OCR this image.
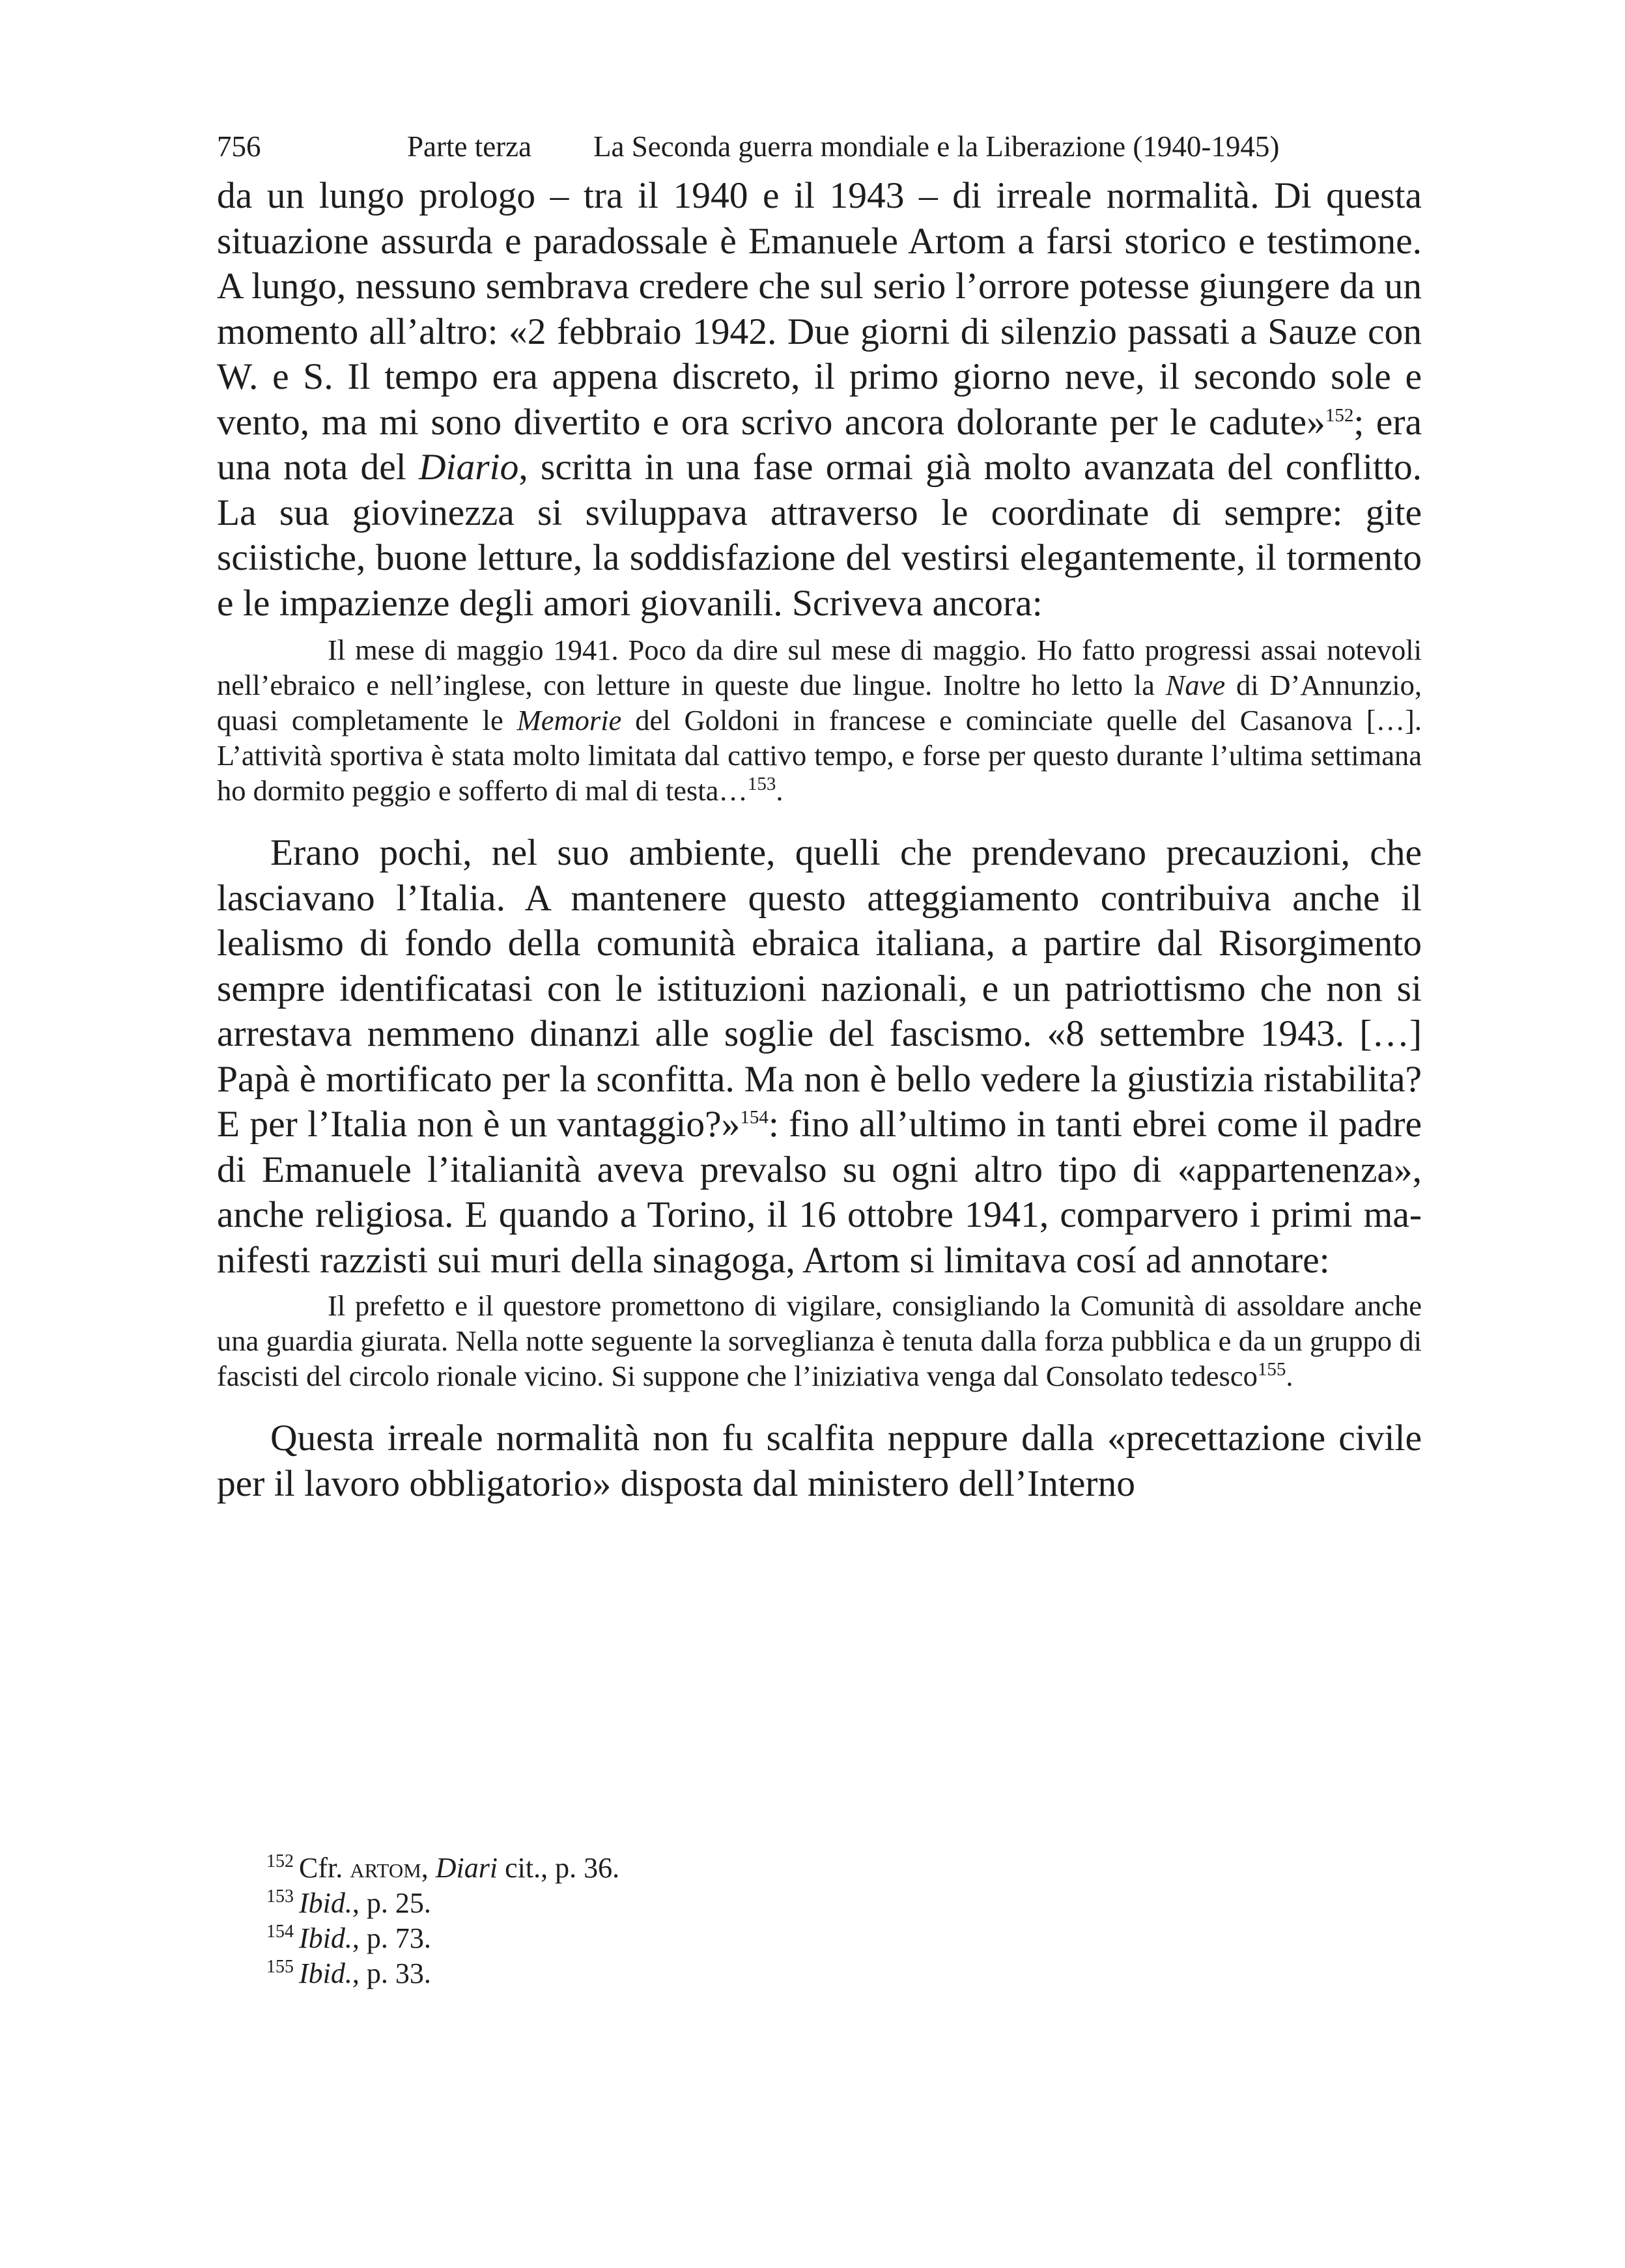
756	Parte terza La Seconda guerra mondiale e la Liberazione (1940-1945)

da un lungo prologo – tra il 1940 e il 1943 – di irreale normalità. Di questa situazione assurda e paradossale è Emanuele Artom a farsi storico e testimone. A lungo, nessuno sembrava credere che sul serio l’orrore potesse giungere da un momento all’altro: «2 febbraio 1942. Due giorni di silenzio passati a Sauze con W. e S. Il tempo era appena discreto, il primo giorno neve, il secondo sole e vento, ma mi sono divertito e ora scrivo ancora dolorante per le cadute»$^{152}$; era una nota del Diario, scritta in una fase ormai già molto avanzata del conflitto. La sua giovinezza si sviluppava attraverso le coordinate di sempre: gite sciistiche, buone letture, la soddisfazione del vestirsi elegantemente, il tormento e le impazienze degli amori giovanili. Scriveva ancora:

Il mese di maggio 1941. Poco da dire sul mese di maggio. Ho fatto progressi assai notevoli nell’ebraico e nell’inglese, con letture in queste due lingue. Inoltre ho letto la Nave di D’Annunzio, quasi completamente le Memorie del Goldoni in francese e cominciate quelle del Casanova […]. L’attività sportiva è stata molto limitata dal cattivo tempo, e forse per questo durante l’ultima settimana ho dormito peggio e sofferto di mal di testa…$^{153}$.

Erano pochi, nel suo ambiente, quelli che prendevano precauzioni, che lasciavano l’Italia. A mantenere questo atteggiamento contribuiva anche il lealismo di fondo della comunità ebraica italiana, a partire dal Risorgimento sempre identificatasi con le istituzioni nazionali, e un patriottismo che non si arrestava nemmeno dinanzi alle soglie del fascismo. «8 settembre 1943. […] Papà è mortificato per la sconfitta. Ma non è bello vedere la giustizia ristabilita? E per l’Italia non è un vantaggio?»$^{154}$: fino all’ultimo in tanti ebrei come il padre di Emanuele l’italianità aveva prevalso su ogni altro tipo di «appartenenza», anche religiosa. E quando a Torino, il 16 ottobre 1941, comparvero i primi manifesti razzisti sui muri della sinagoga, Artom si limitava cosí ad annotare:

Il prefetto e il questore promettono di vigilare, consigliando la Comunità di assoldare anche una guardia giurata. Nella notte seguente la sorveglianza è tenuta dalla forza pubblica e da un gruppo di fascisti del circolo rionale vicino. Si suppone che l’iniziativa venga dal Consolato tedesco$^{155}$.

Questa irreale normalità non fu scalfita neppure dalla «precettazione civile per il lavoro obbligatorio» disposta dal ministero dell’Interno

$^{152}$ Cfr. artom, Diari cit., p. 36.
$^{153}$ Ibid., p. 25.
$^{154}$ Ibid., p. 73.
$^{155}$ Ibid., p. 33.
